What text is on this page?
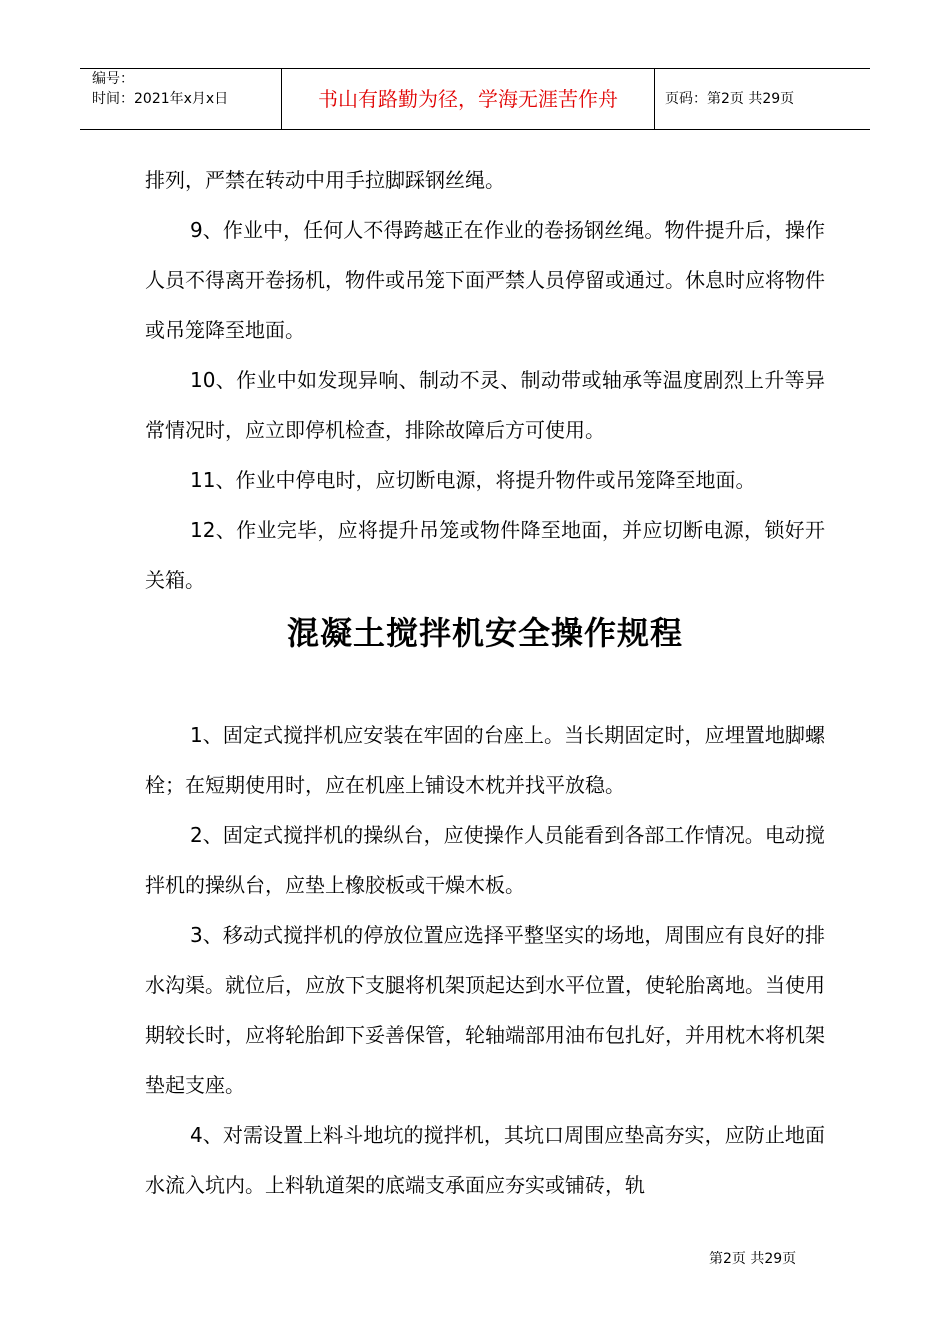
编号：
时间：2021年x月x日	书山有路勤为径，学海无涯苦作舟	页码：第2页 共29页

排列，严禁在转动中用手拉脚踩钢丝绳。

9、作业中，任何人不得跨越正在作业的卷扬钢丝绳。物件提升后，操作人员不得离开卷扬机，物件或吊笼下面严禁人员停留或通过。休息时应将物件或吊笼降至地面。

10、作业中如发现异响、制动不灵、制动带或轴承等温度剧烈上升等异常情况时，应立即停机检查，排除故障后方可使用。

11、作业中停电时，应切断电源，将提升物件或吊笼降至地面。

12、作业完毕，应将提升吊笼或物件降至地面，并应切断电源，锁好开关箱。

混凝土搅拌机安全操作规程

1、固定式搅拌机应安装在牢固的台座上。当长期固定时，应埋置地脚螺栓；在短期使用时，应在机座上铺设木枕并找平放稳。

2、固定式搅拌机的操纵台，应使操作人员能看到各部工作情况。电动搅拌机的操纵台，应垫上橡胶板或干燥木板。

3、移动式搅拌机的停放位置应选择平整坚实的场地，周围应有良好的排水沟渠。就位后，应放下支腿将机架顶起达到水平位置，使轮胎离地。当使用期较长时，应将轮胎卸下妥善保管，轮轴端部用油布包扎好，并用枕木将机架垫起支座。

4、对需设置上料斗地坑的搅拌机，其坑口周围应垫高夯实，应防止地面水流入坑内。上料轨道架的底端支承面应夯实或铺砖，轨

第2页 共29页
